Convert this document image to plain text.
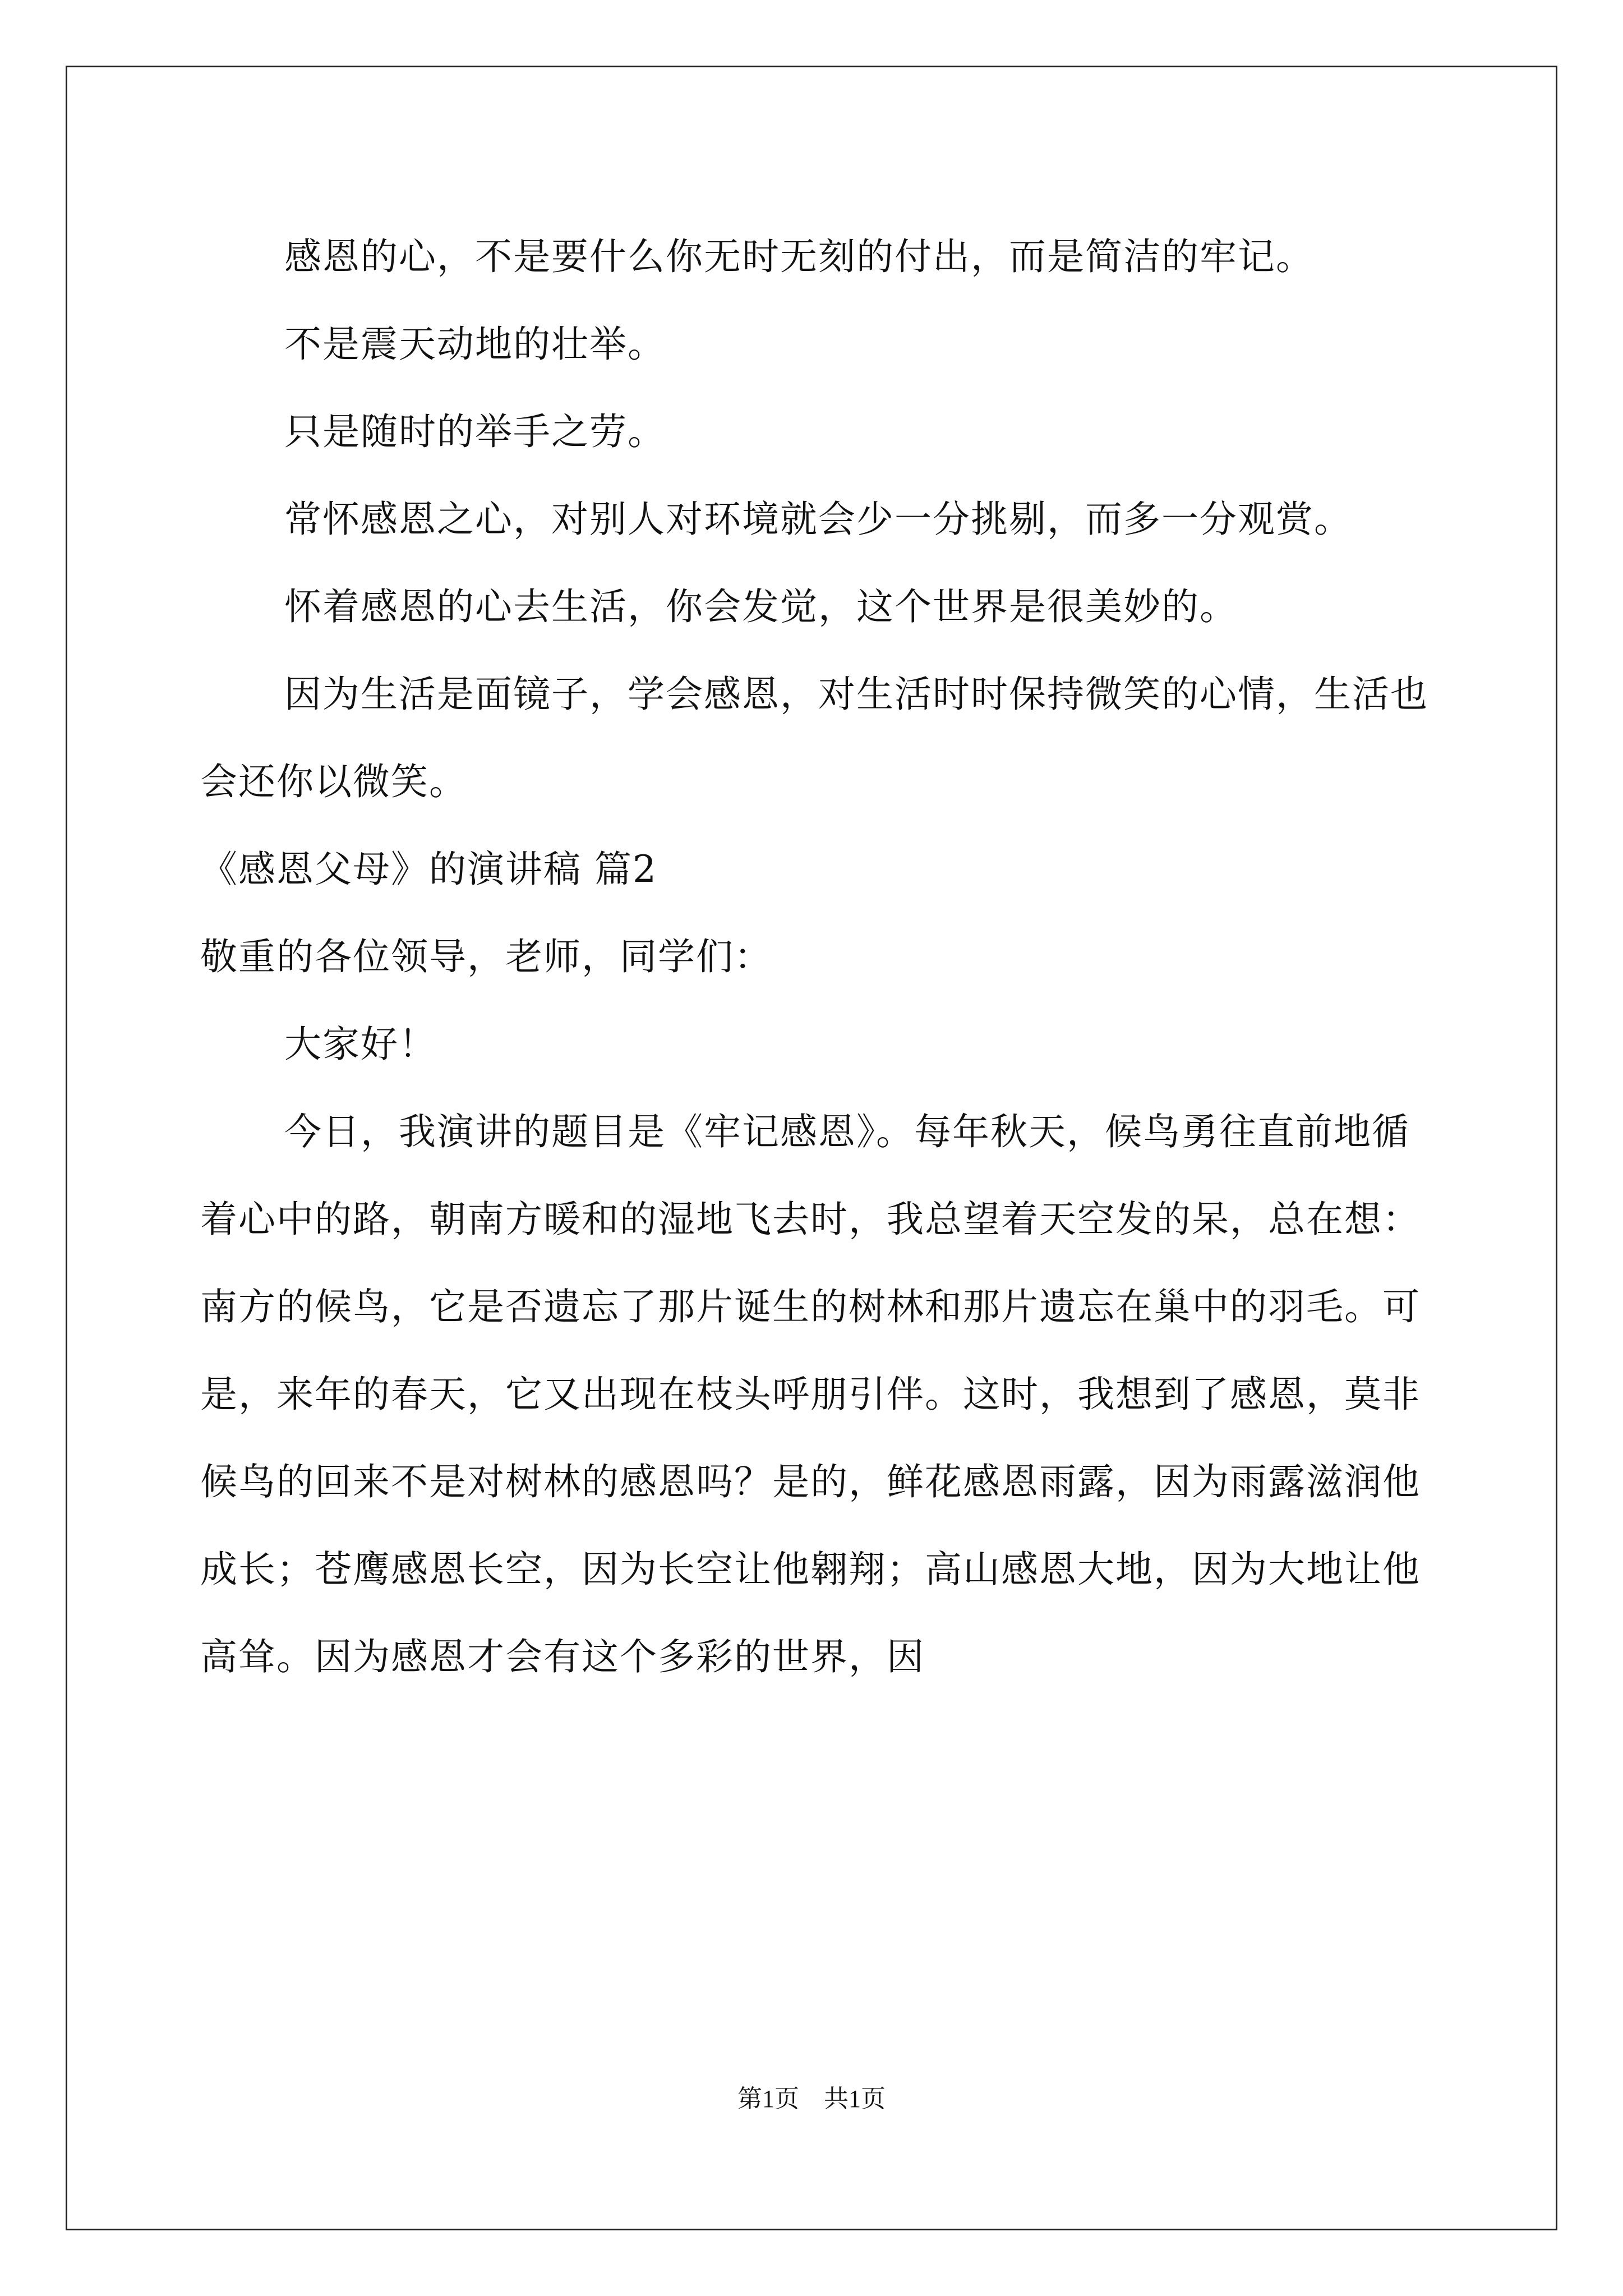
感恩的心，不是要什么你无时无刻的付出，而是简洁的牢记。

不是震天动地的壮举。

只是随时的举手之劳。

常怀感恩之心，对别人对环境就会少一分挑剔，而多一分观赏。

怀着感恩的心去生活，你会发觉，这个世界是很美妙的。

因为生活是面镜子，学会感恩，对生活时时保持微笑的心情，生活也会还你以微笑。

《感恩父母》的演讲稿 篇2

敬重的各位领导，老师，同学们：

大家好！

今日，我演讲的题目是《牢记感恩》。每年秋天，候鸟勇往直前地循着心中的路，朝南方暖和的湿地飞去时，我总望着天空发的呆，总在想：南方的候鸟，它是否遗忘了那片诞生的树林和那片遗忘在巢中的羽毛。可是，来年的春天，它又出现在枝头呼朋引伴。这时，我想到了感恩，莫非候鸟的回来不是对树林的感恩吗？是的，鲜花感恩雨露，因为雨露滋润他成长；苍鹰感恩长空，因为长空让他翱翔；高山感恩大地，因为大地让他高耸。因为感恩才会有这个多彩的世界，因

第1页　共1页
